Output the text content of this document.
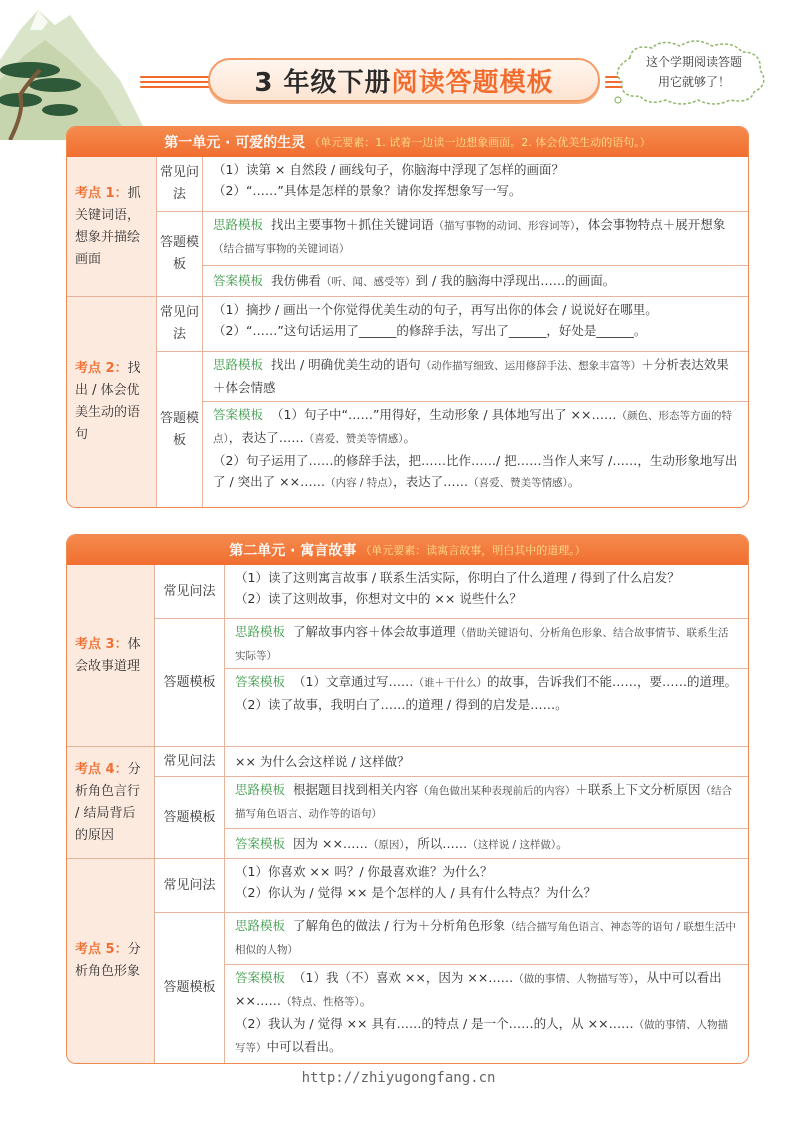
3 年级下册 阅读答题模板
这个学期阅读答题
用它就够了！
第一单元 · 可爱的生灵 （单元要素：1. 试着一边读一边想象画面。2. 体会优美生动的语句。）

考点 1：抓关键词语，想象并描绘画面

常见问法

（1）读第 × 自然段 / 画线句子，你脑海中浮现了怎样的画面？

（2）“……”具体是怎样的景象？请你发挥想象写一写。

答题模板

思路模板 找出主要事物＋抓住关键词语（描写事物的动词、形容词等），体会事物特点＋展开想象（结合描写事物的关键词语）

答案模板 我仿佛看（听、闻、感受等）到 / 我的脑海中浮现出……的画面。

考点 2：找出 / 体会优美生动的语句

常见问法

（1）摘抄 / 画出一个你觉得优美生动的句子，再写出你的体会 / 说说好在哪里。

（2）“……”这句话运用了______的修辞手法，写出了______，好处是______。

答题模板

思路模板 找出 / 明确优美生动的语句（动作描写细致、运用修辞手法、想象丰富等）＋分析表达效果＋体会情感

答案模板 （1）句子中“……”用得好，生动形象 / 具体地写出了 ××……（颜色、形态等方面的特点），表达了……（喜爱、赞美等情感）。

（2）句子运用了……的修辞手法，把……比作……/ 把……当作人来写 /……，生动形象地写出了 / 突出了 ××……（内容 / 特点），表达了……（喜爱、赞美等情感）。

第二单元 · 寓言故事 （单元要素：读寓言故事，明白其中的道理。）

考点 3：体会故事道理

常见问法

（1）读了这则寓言故事 / 联系生活实际，你明白了什么道理 / 得到了什么启发？

（2）读了这则故事，你想对文中的 ×× 说些什么？

答题模板

思路模板 了解故事内容＋体会故事道理（借助关键语句、分析角色形象、结合故事情节、联系生活实际等）

答案模板 （1）文章通过写……（谁＋干什么）的故事，告诉我们不能……，要……的道理。

（2）读了故事，我明白了……的道理 / 得到的启发是……。

考点 4：分析角色言行 / 结局背后的原因

常见问法	×× 为什么会这样说 / 这样做？

答题模板

思路模板 根据题目找到相关内容（角色做出某种表现前后的内容）＋联系上下文分析原因（结合描写角色语言、动作等的语句）

答案模板 因为 ××……（原因），所以……（这样说 / 这样做）。

考点 5：分析角色形象

常见问法

（1）你喜欢 ×× 吗？/ 你最喜欢谁？为什么？

（2）你认为 / 觉得 ×× 是个怎样的人 / 具有什么特点？为什么？

答题模板

思路模板 了解角色的做法 / 行为＋分析角色形象（结合描写角色语言、神态等的语句 / 联想生活中相似的人物）

答案模板 （1）我（不）喜欢 ××，因为 ××……（做的事情、人物描写等），从中可以看出 ××……（特点、性格等）。

（2）我认为 / 觉得 ×× 具有……的特点 / 是一个……的人，从 ××……（做的事情、人物描写等）中可以看出。

http://zhiyugongfang.cn
